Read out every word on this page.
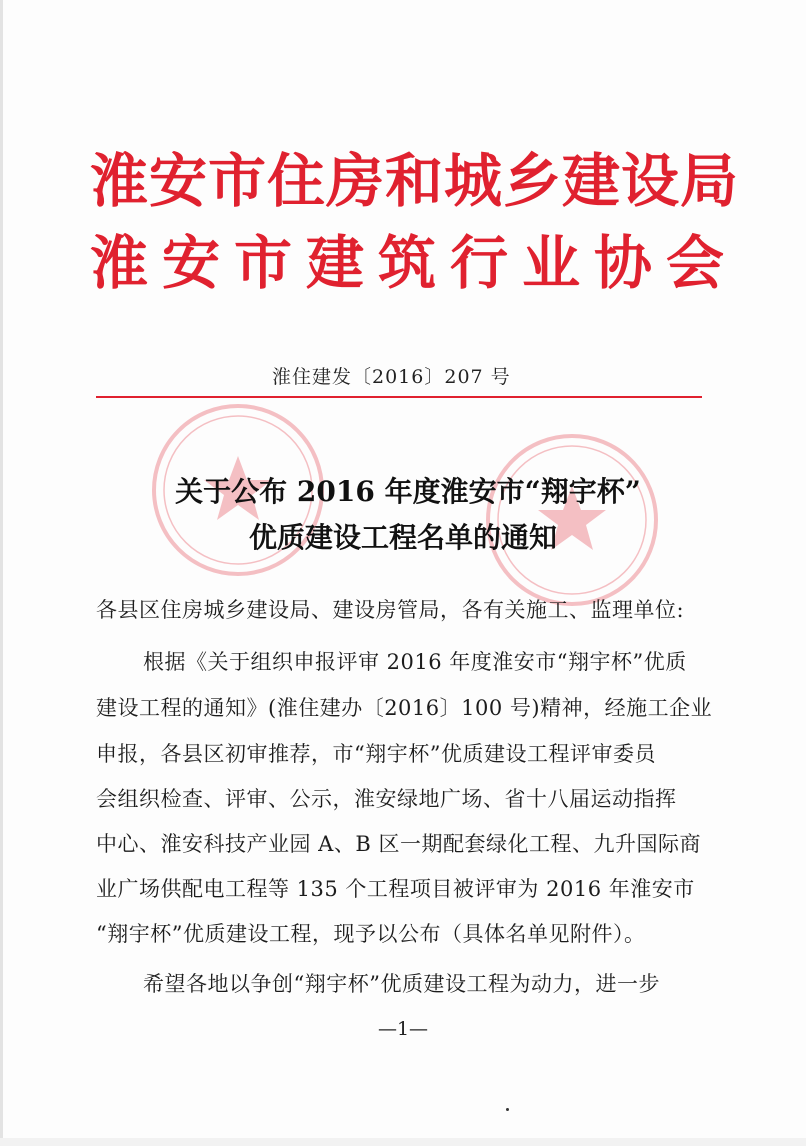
淮安市住房和城乡建设局
淮安市建筑行业协会
淮住建发〔2016〕207 号
关于公布 2016 年度淮安市“翔宇杯”
优质建设工程名单的通知
各县区住房城乡建设局、建设房管局，各有关施工、监理单位:
根据《关于组织申报评审 2016 年度淮安市“翔宇杯”优质
建设工程的通知》(淮住建办〔2016〕100 号)精神，经施工企业
申报，各县区初审推荐，市“翔宇杯”优质建设工程评审委员
会组织检查、评审、公示，淮安绿地广场、省十八届运动指挥
中心、淮安科技产业园 A、B 区一期配套绿化工程、九升国际商
业广场供配电工程等 135 个工程项目被评审为 2016 年淮安市
“翔宇杯”优质建设工程，现予以公布（具体名单见附件）。
希望各地以争创“翔宇杯”优质建设工程为动力，进一步
—1—
